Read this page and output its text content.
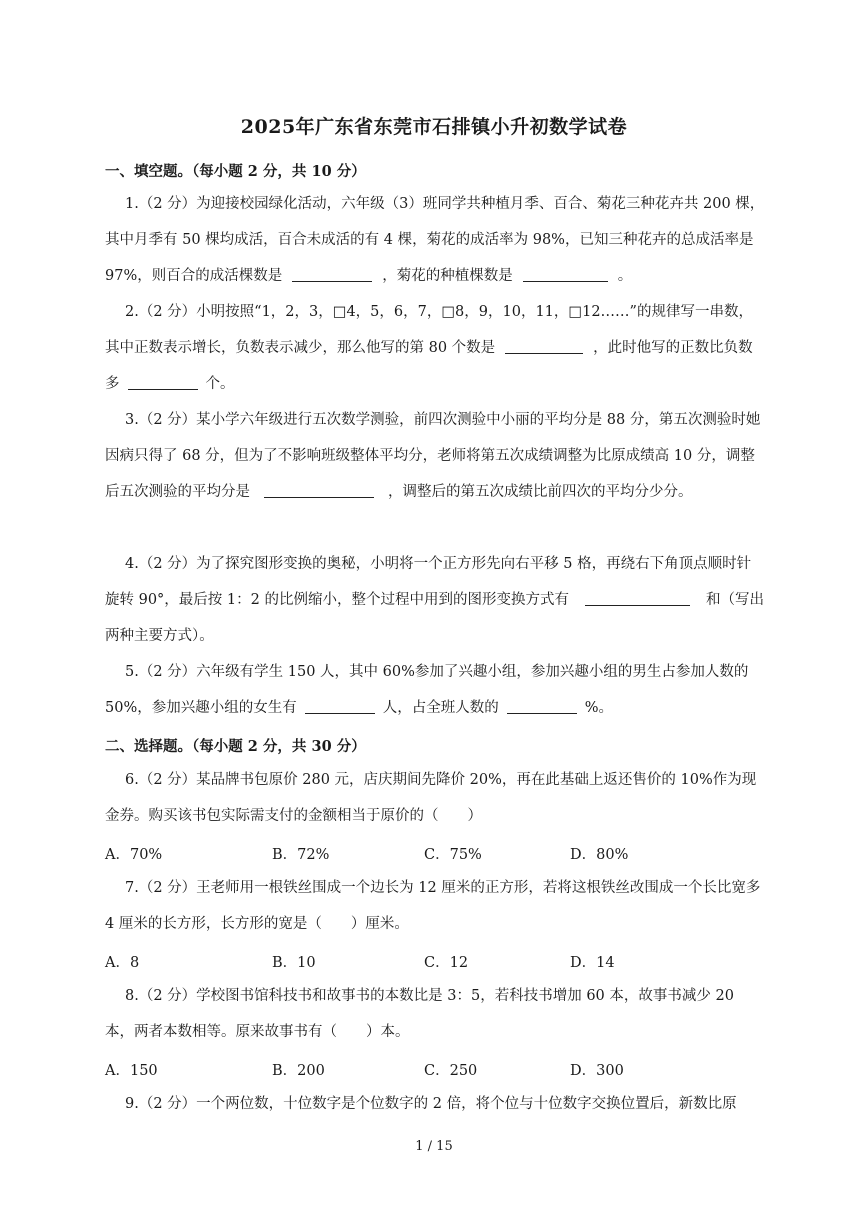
2025年广东省东莞市石排镇小升初数学试卷
一、填空题。（每小题 2 分，共 10 分）
1.（2 分）为迎接校园绿化活动，六年级（3）班同学共种植月季、百合、菊花三种花卉共 200 棵，其中月季有 50 棵均成活，百合未成活的有 4 棵，菊花的成活率为 98%，已知三种花卉的总成活率是 97%，则百合的成活棵数是	，菊花的种植棵数是	。
2.（2 分）小明按照“1，2，3，□4，5，6，7，□8，9，10，11，□12……”的规律写一串数，其中正数表示增长，负数表示减少，那么他写的第 80 个数是	，此时他写的正数比负数多	个。
3.（2 分）某小学六年级进行五次数学测验，前四次测验中小丽的平均分是 88 分，第五次测验时她因病只得了 68 分，但为了不影响班级整体平均分，老师将第五次成绩调整为比原成绩高 10 分，调整后五次测验的平均分是	，调整后的第五次成绩比前四次的平均分少分。
4.（2 分）为了探究图形变换的奥秘，小明将一个正方形先向右平移 5 格，再绕右下角顶点顺时针旋转 90°，最后按 1：2 的比例缩小，整个过程中用到的图形变换方式有	和（写出两种主要方式）。
5.（2 分）六年级有学生 150 人，其中 60%参加了兴趣小组，参加兴趣小组的男生占参加人数的 50%，参加兴趣小组的女生有	人，占全班人数的	%。
二、选择题。（每小题 2 分，共 30 分）
6.（2 分）某品牌书包原价 280 元，店庆期间先降价 20%，再在此基础上返还售价的 10%作为现金券。购买该书包实际需支付的金额相当于原价的（　　）
A．70%	B．72%	C．75%	D．80%
7.（2 分）王老师用一根铁丝围成一个边长为 12 厘米的正方形，若将这根铁丝改围成一个长比宽多 4 厘米的长方形，长方形的宽是（　　）厘米。
A．8	B．10	C．12	D．14
8.（2 分）学校图书馆科技书和故事书的本数比是 3：5，若科技书增加 60 本，故事书减少 20 本，两者本数相等。原来故事书有（　　）本。
A．150	B．200	C．250	D．300
9.（2 分）一个两位数，十位数字是个位数字的 2 倍，将个位与十位数字交换位置后，新数比原
1 / 15
